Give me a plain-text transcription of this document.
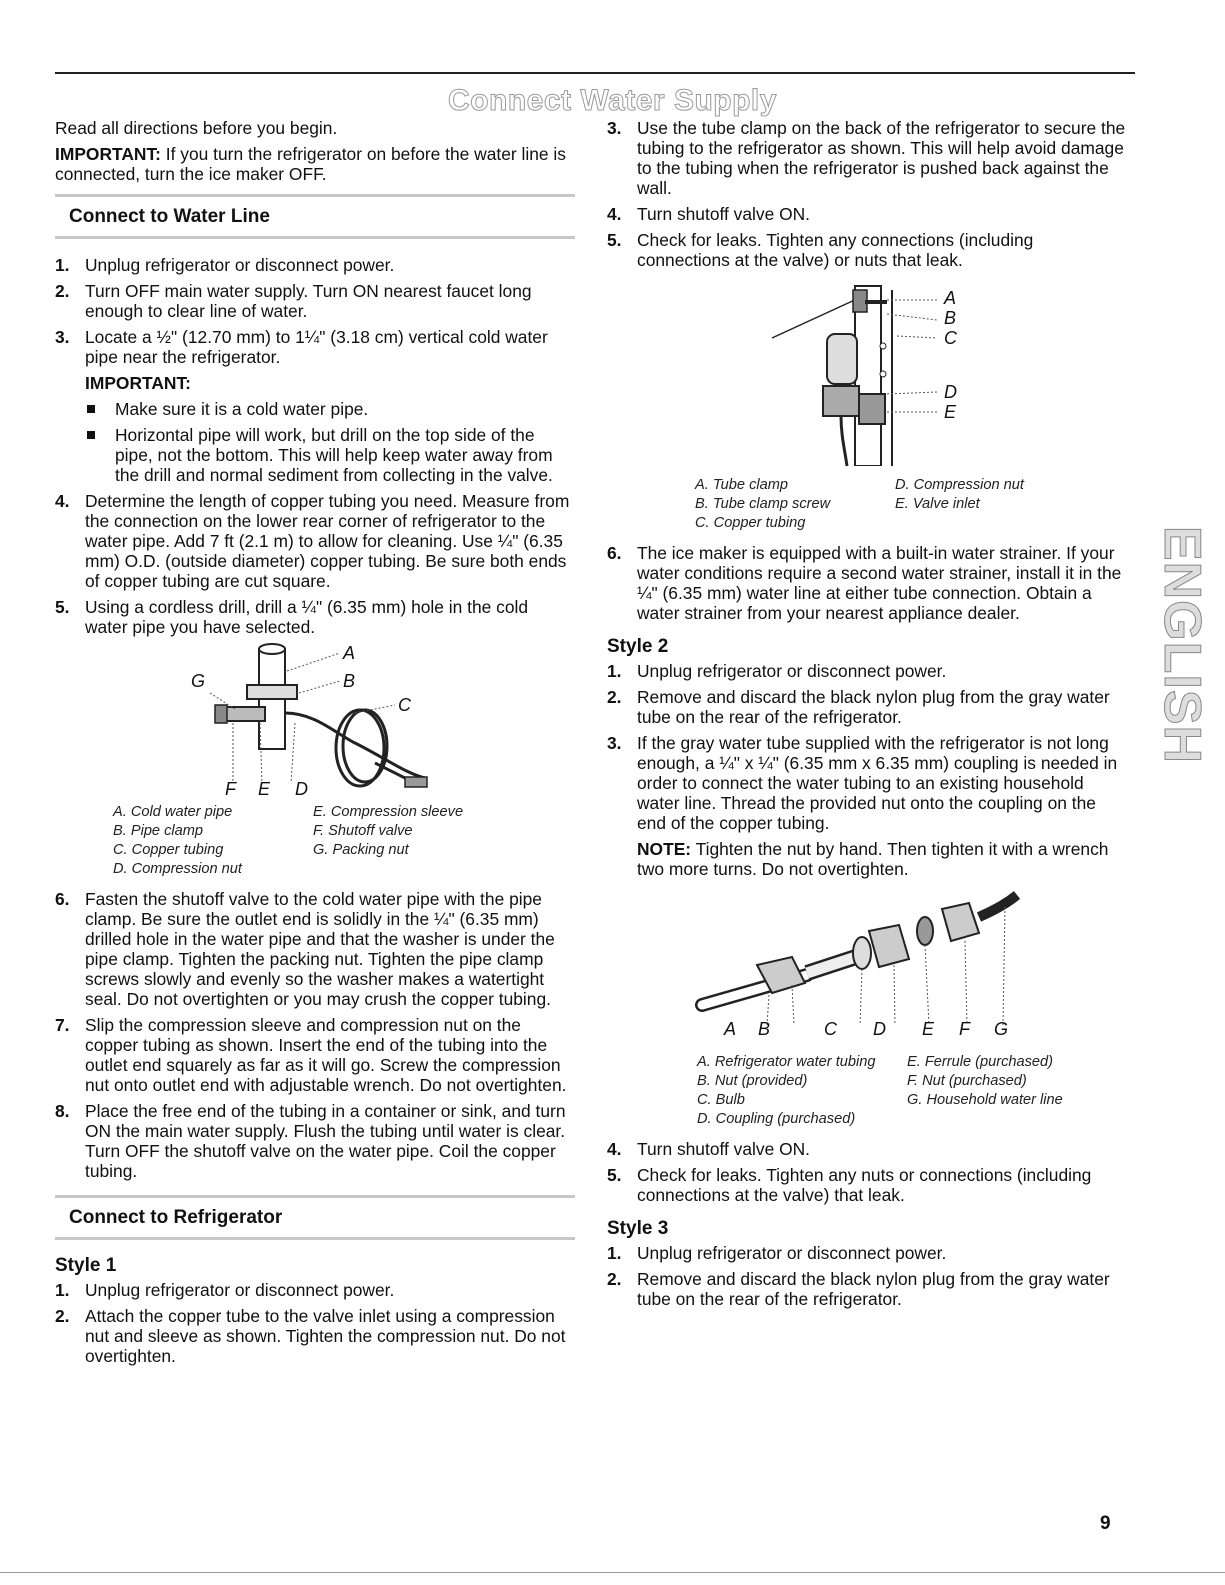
Connect Water Supply

Read all directions before you begin.

IMPORTANT: If you turn the refrigerator on before the water line is connected, turn the ice maker OFF.

Connect to Water Line
1. Unplug refrigerator or disconnect power.
2. Turn OFF main water supply. Turn ON nearest faucet long enough to clear line of water.
3. Locate a ½" (12.70 mm) to 1¼" (3.18 cm) vertical cold water pipe near the refrigerator.
IMPORTANT:
Make sure it is a cold water pipe.
Horizontal pipe will work, but drill on the top side of the pipe, not the bottom. This will help keep water away from the drill and normal sediment from collecting in the valve.
4. Determine the length of copper tubing you need. Measure from the connection on the lower rear corner of refrigerator to the water pipe. Add 7 ft (2.1 m) to allow for cleaning. Use ¼" (6.35 mm) O.D. (outside diameter) copper tubing. Be sure both ends of copper tubing are cut square.
5. Using a cordless drill, drill a ¼" (6.35 mm) hole in the cold water pipe you have selected.
A
B
C
D
E
F
G
A. Cold water pipe	E. Compression sleeve
B. Pipe clamp	F. Shutoff valve
C. Copper tubing	G. Packing nut
D. Compression nut
6. Fasten the shutoff valve to the cold water pipe with the pipe clamp. Be sure the outlet end is solidly in the ¼" (6.35 mm) drilled hole in the water pipe and that the washer is under the pipe clamp. Tighten the packing nut. Tighten the pipe clamp screws slowly and evenly so the washer makes a watertight seal. Do not overtighten or you may crush the copper tubing.
7. Slip the compression sleeve and compression nut on the copper tubing as shown. Insert the end of the tubing into the outlet end squarely as far as it will go. Screw the compression nut onto outlet end with adjustable wrench. Do not overtighten.
8. Place the free end of the tubing in a container or sink, and turn ON the main water supply. Flush the tubing until water is clear. Turn OFF the shutoff valve on the water pipe. Coil the copper tubing.
Connect to Refrigerator
Style 1
1. Unplug refrigerator or disconnect power.
2. Attach the copper tube to the valve inlet using a compression nut and sleeve as shown. Tighten the compression nut. Do not overtighten.
3. Use the tube clamp on the back of the refrigerator to secure the tubing to the refrigerator as shown. This will help avoid damage to the tubing when the refrigerator is pushed back against the wall.
4. Turn shutoff valve ON.
5. Check for leaks. Tighten any connections (including connections at the valve) or nuts that leak.
A
B
C
D
E
A. Tube clamp	D. Compression nut
B. Tube clamp screw	E. Valve inlet
C. Copper tubing
6. The ice maker is equipped with a built-in water strainer. If your water conditions require a second water strainer, install it in the ¼" (6.35 mm) water line at either tube connection. Obtain a water strainer from your nearest appliance dealer.
Style 2
1. Unplug refrigerator or disconnect power.
2. Remove and discard the black nylon plug from the gray water tube on the rear of the refrigerator.
3. If the gray water tube supplied with the refrigerator is not long enough, a ¼" x ¼" (6.35 mm x 6.35 mm) coupling is needed in order to connect the water tubing to an existing household water line. Thread the provided nut onto the coupling on the end of the copper tubing.

NOTE: Tighten the nut by hand. Then tighten it with a wrench two more turns. Do not overtighten.

A B	C D E F G
A. Refrigerator water tubing	E. Ferrule (purchased)
B. Nut (provided)	F. Nut (purchased)
C. Bulb	G. Household water line
D. Coupling (purchased)
4. Turn shutoff valve ON.
5. Check for leaks. Tighten any nuts or connections (including connections at the valve) that leak.
Style 3
1. Unplug refrigerator or disconnect power.
2. Remove and discard the black nylon plug from the gray water tube on the rear of the refrigerator.
ENGLISH
9
